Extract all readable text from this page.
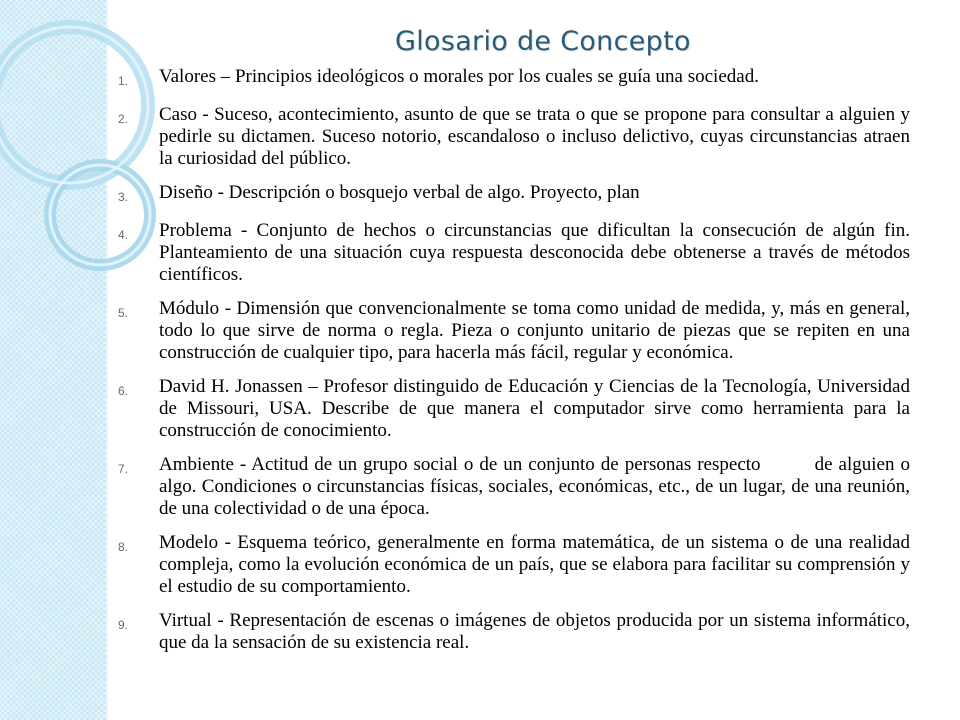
Glosario de Concepto
1.	Valores – Principios ideológicos o morales por los cuales se guía una sociedad.
2.	Caso - Suceso, acontecimiento, asunto de que se trata o que se propone para consultar a alguien y pedirle su dictamen. Suceso notorio, escandaloso o incluso delictivo, cuyas circunstancias atraen la curiosidad del público.
3.	Diseño - Descripción o bosquejo verbal de algo. Proyecto, plan
4.	Problema - Conjunto de hechos o circunstancias que dificultan la consecución de algún fin. Planteamiento de una situación cuya respuesta desconocida debe obtenerse a través de métodos científicos.
5.	Módulo - Dimensión que convencionalmente se toma como unidad de medida, y, más en general, todo lo que sirve de norma o regla. Pieza o conjunto unitario de piezas que se repiten en una construcción de cualquier tipo, para hacerla más fácil, regular y económica.
6.	David H. Jonassen – Profesor distinguido de Educación y Ciencias de la Tecnología, Universidad de Missouri, USA. Describe de que manera el computador sirve como herramienta para la construcción de conocimiento.
7.	Ambiente - Actitud de un grupo social o de un conjunto de personas respecto         de alguien o algo. Condiciones o circunstancias físicas, sociales, económicas, etc., de un lugar, de una reunión, de una colectividad o de una época.
8.	Modelo - Esquema teórico, generalmente en forma matemática, de un sistema o de una realidad compleja, como la evolución económica de un país, que se elabora para facilitar su comprensión y el estudio de su comportamiento.
9.	Virtual - Representación de escenas o imágenes de objetos producida por un sistema informático, que da la sensación de su existencia real.
